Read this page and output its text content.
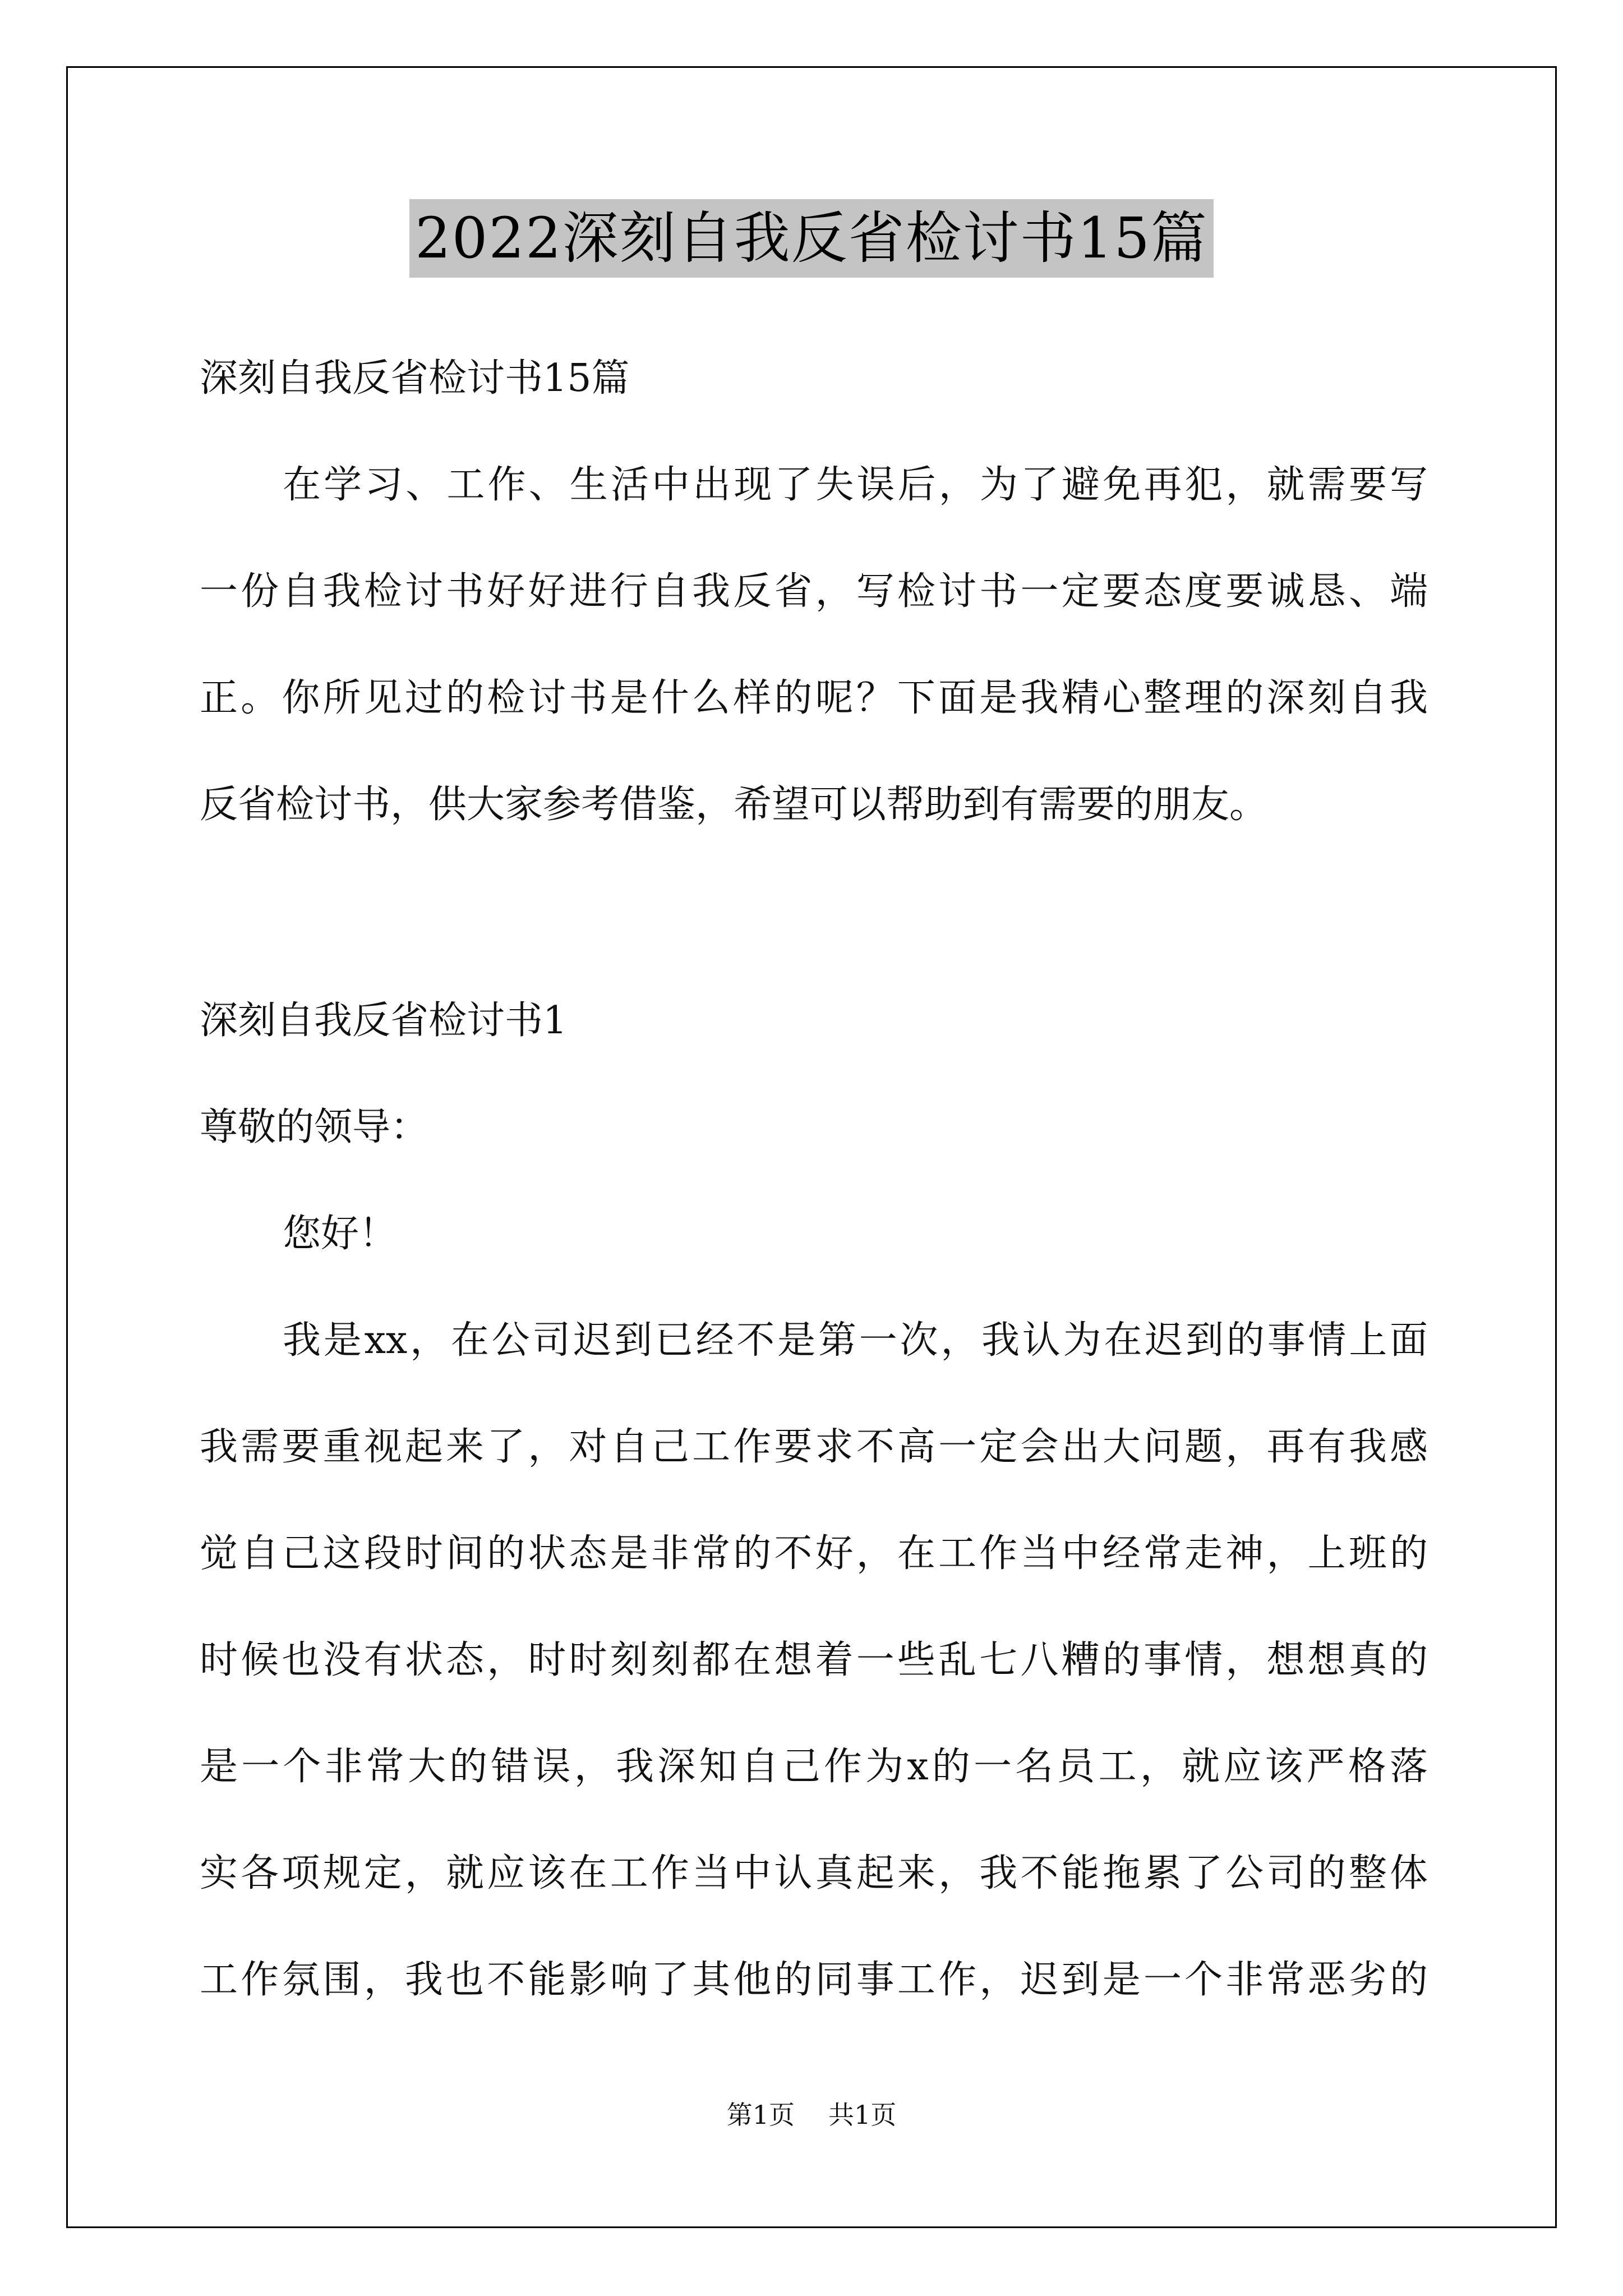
2022深刻自我反省检讨书15篇
深刻自我反省检讨书15篇
在学习、工作、生活中出现了失误后，为了避免再犯，就需要写
一份自我检讨书好好进行自我反省，写检讨书一定要态度要诚恳、端
正。你所见过的检讨书是什么样的呢？下面是我精心整理的深刻自我
反省检讨书，供大家参考借鉴，希望可以帮助到有需要的朋友。
深刻自我反省检讨书1
尊敬的领导：
您好！
我是xx，在公司迟到已经不是第一次，我认为在迟到的事情上面
我需要重视起来了，对自己工作要求不高一定会出大问题，再有我感
觉自己这段时间的状态是非常的不好，在工作当中经常走神，上班的
时候也没有状态，时时刻刻都在想着一些乱七八糟的事情，想想真的
是一个非常大的错误，我深知自己作为x的一名员工，就应该严格落
实各项规定，就应该在工作当中认真起来，我不能拖累了公司的整体
工作氛围，我也不能影响了其他的同事工作，迟到是一个非常恶劣的
第1页 共1页
